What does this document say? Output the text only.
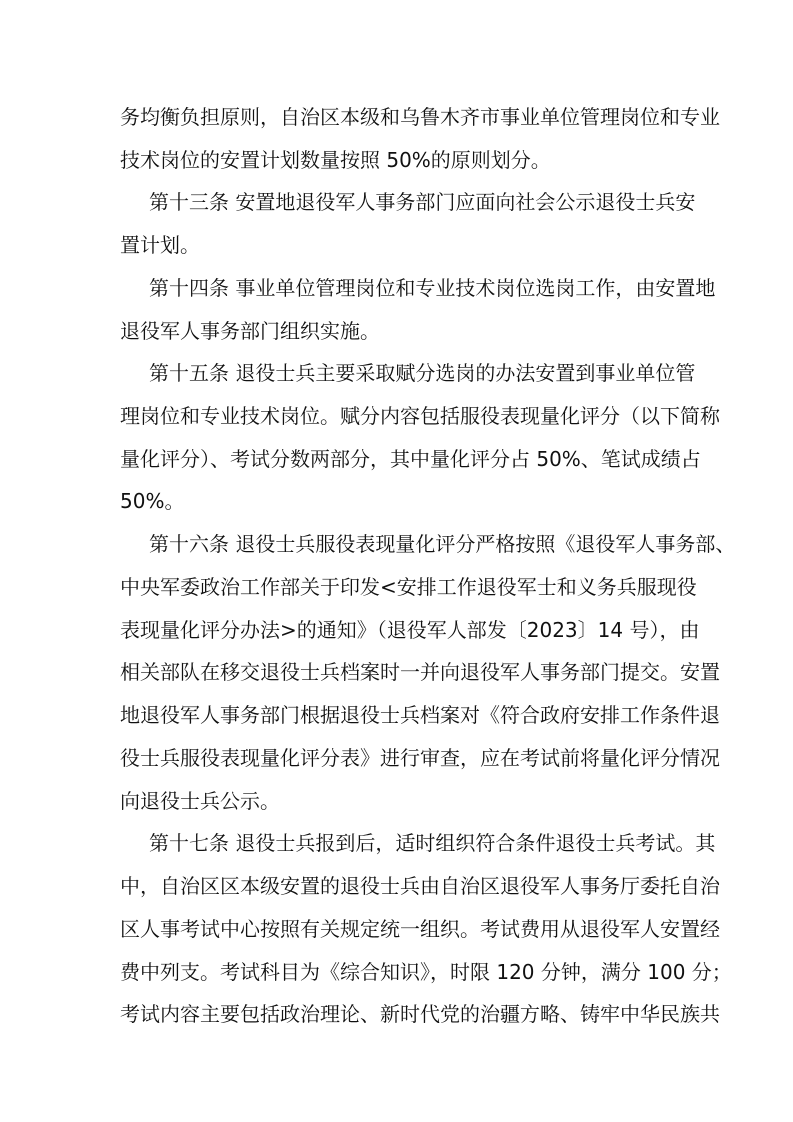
务均衡负担原则，自治区本级和乌鲁木齐市事业单位管理岗位和专业
技术岗位的安置计划数量按照 50%的原则划分。
第十三条 安置地退役军人事务部门应面向社会公示退役士兵安
置计划。
第十四条 事业单位管理岗位和专业技术岗位选岗工作，由安置地
退役军人事务部门组织实施。
第十五条 退役士兵主要采取赋分选岗的办法安置到事业单位管
理岗位和专业技术岗位。赋分内容包括服役表现量化评分（以下简称
量化评分）、考试分数两部分，其中量化评分占 50%、笔试成绩占
50%。
第十六条 退役士兵服役表现量化评分严格按照《退役军人事务部、
中央军委政治工作部关于印发<安排工作退役军士和义务兵服现役
表现量化评分办法>的通知》（退役军人部发〔2023〕14 号），由
相关部队在移交退役士兵档案时一并向退役军人事务部门提交。安置
地退役军人事务部门根据退役士兵档案对《符合政府安排工作条件退
役士兵服役表现量化评分表》进行审查，应在考试前将量化评分情况
向退役士兵公示。
第十七条 退役士兵报到后，适时组织符合条件退役士兵考试。其
中，自治区区本级安置的退役士兵由自治区退役军人事务厅委托自治
区人事考试中心按照有关规定统一组织。考试费用从退役军人安置经
费中列支。考试科目为《综合知识》，时限 120 分钟，满分 100 分；
考试内容主要包括政治理论、新时代党的治疆方略、铸牢中华民族共
